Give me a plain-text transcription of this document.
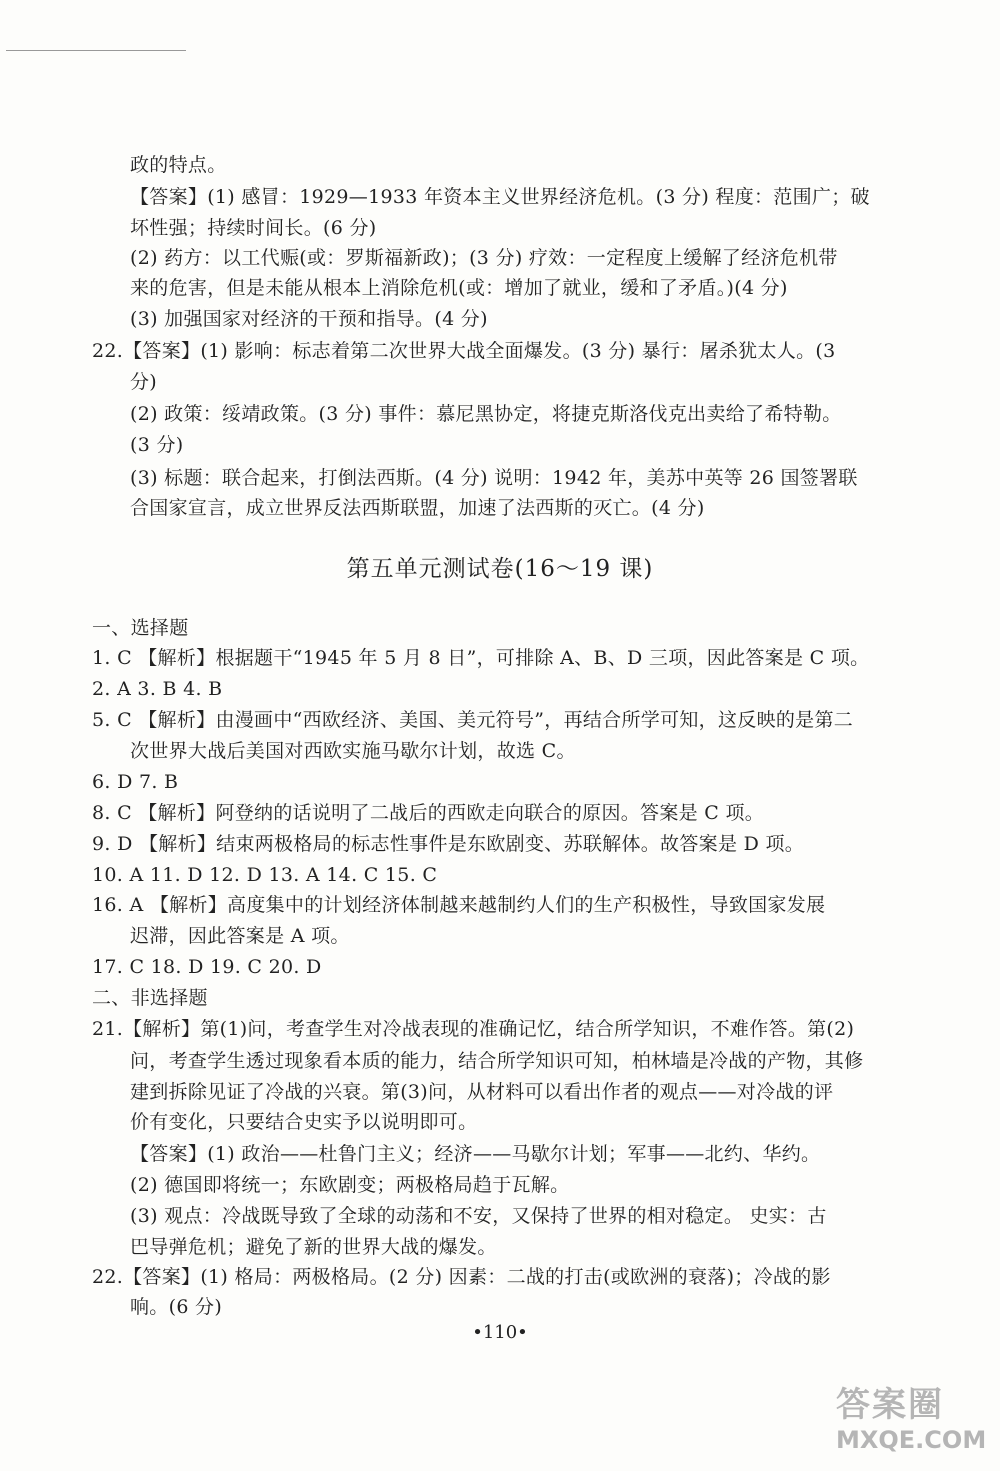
政的特点。
【答案】(1) 感冒：1929—1933 年资本主义世界经济危机。(3 分) 程度：范围广；破
坏性强；持续时间长。(6 分)
(2) 药方：以工代赈(或：罗斯福新政)；(3 分) 疗效：一定程度上缓解了经济危机带
来的危害，但是未能从根本上消除危机(或：增加了就业，缓和了矛盾。)(4 分)
(3) 加强国家对经济的干预和指导。(4 分)
22.【答案】(1) 影响：标志着第二次世界大战全面爆发。(3 分) 暴行：屠杀犹太人。(3
分)
(2) 政策：绥靖政策。(3 分) 事件：慕尼黑协定，将捷克斯洛伐克出卖给了希特勒。
(3 分)
(3) 标题：联合起来，打倒法西斯。(4 分) 说明：1942 年，美苏中英等 26 国签署联
合国家宣言，成立世界反法西斯联盟，加速了法西斯的灭亡。(4 分)
第五单元测试卷(16～19 课)
一、选择题
1. C 【解析】根据题干“1945 年 5 月 8 日”，可排除 A、B、D 三项，因此答案是 C 项。
2. A 3. B 4. B
5. C 【解析】由漫画中“西欧经济、美国、美元符号”，再结合所学可知，这反映的是第二
次世界大战后美国对西欧实施马歇尔计划，故选 C。
6. D 7. B
8. C 【解析】阿登纳的话说明了二战后的西欧走向联合的原因。答案是 C 项。
9. D 【解析】结束两极格局的标志性事件是东欧剧变、苏联解体。故答案是 D 项。
10. A 11. D 12. D 13. A 14. C 15. C
16. A 【解析】高度集中的计划经济体制越来越制约人们的生产积极性，导致国家发展
迟滞，因此答案是 A 项。
17. C 18. D 19. C 20. D
二、非选择题
21.【解析】第(1)问，考查学生对冷战表现的准确记忆，结合所学知识，不难作答。第(2)
问，考查学生透过现象看本质的能力，结合所学知识可知，柏林墙是冷战的产物，其修
建到拆除见证了冷战的兴衰。第(3)问，从材料可以看出作者的观点——对冷战的评
价有变化，只要结合史实予以说明即可。
【答案】(1) 政治——杜鲁门主义；经济——马歇尔计划；军事——北约、华约。
(2) 德国即将统一；东欧剧变；两极格局趋于瓦解。
(3) 观点：冷战既导致了全球的动荡和不安，又保持了世界的相对稳定。 史实：古
巴导弹危机；避免了新的世界大战的爆发。
22.【答案】(1) 格局：两极格局。(2 分) 因素：二战的打击(或欧洲的衰落)；冷战的影
响。(6 分)
•110•
答案圈
MXQE.COM
